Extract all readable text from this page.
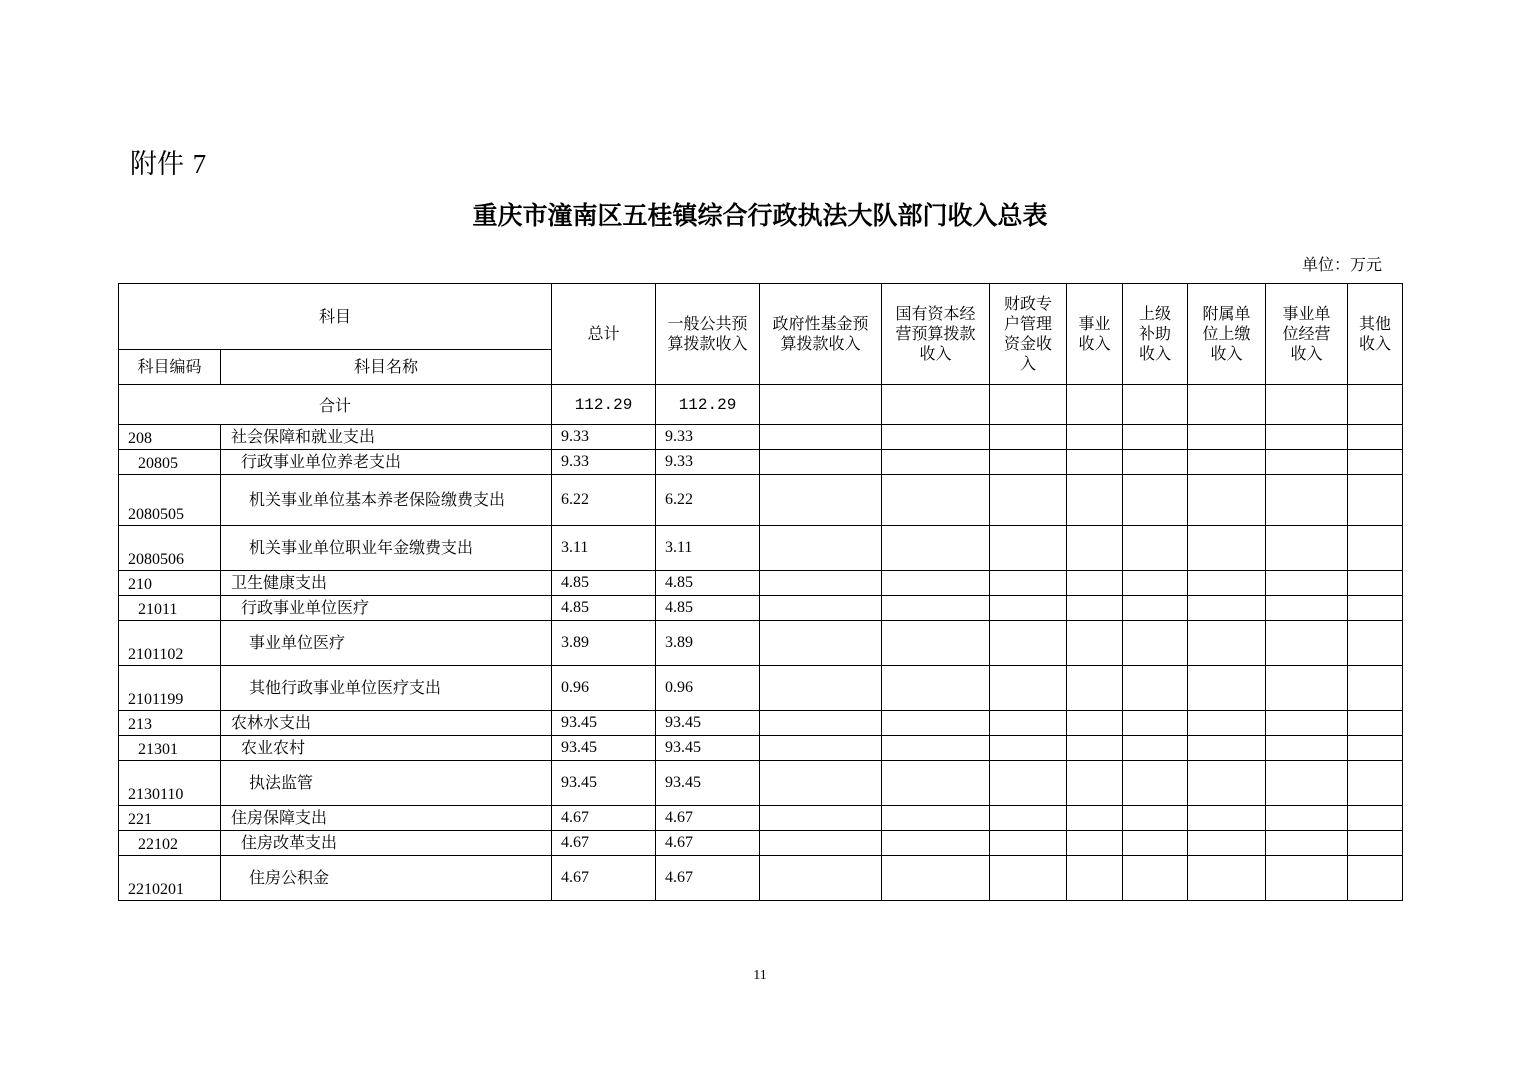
附件 7
重庆市潼南区五桂镇综合行政执法大队部门收入总表
单位：万元
科目		总计	一般公共预算拨款收入	政府性基金预算拨款收入	国有资本经营预算拨款收入	财政专户管理资金收入	事业收入	上级补助收入	附属单位上缴收入	事业单位经营收入	其他收入

科目编码	科目名称										
合计		112.29	112.29								
208	社会保障和就业支出	9.33	9.33								
20805	行政事业单位养老支出	9.33	9.33								
2080505	机关事业单位基本养老保险缴费支出	6.22	6.22								
2080506	机关事业单位职业年金缴费支出	3.11	3.11								
210	卫生健康支出	4.85	4.85								
21011	行政事业单位医疗	4.85	4.85								
2101102	事业单位医疗	3.89	3.89								
2101199	其他行政事业单位医疗支出	0.96	0.96								
213	农林水支出	93.45	93.45								
21301	农业农村	93.45	93.45								
2130110	执法监管	93.45	93.45								
221	住房保障支出	4.67	4.67								
22102	住房改革支出	4.67	4.67								
2210201	住房公积金	4.67	4.67								
11
